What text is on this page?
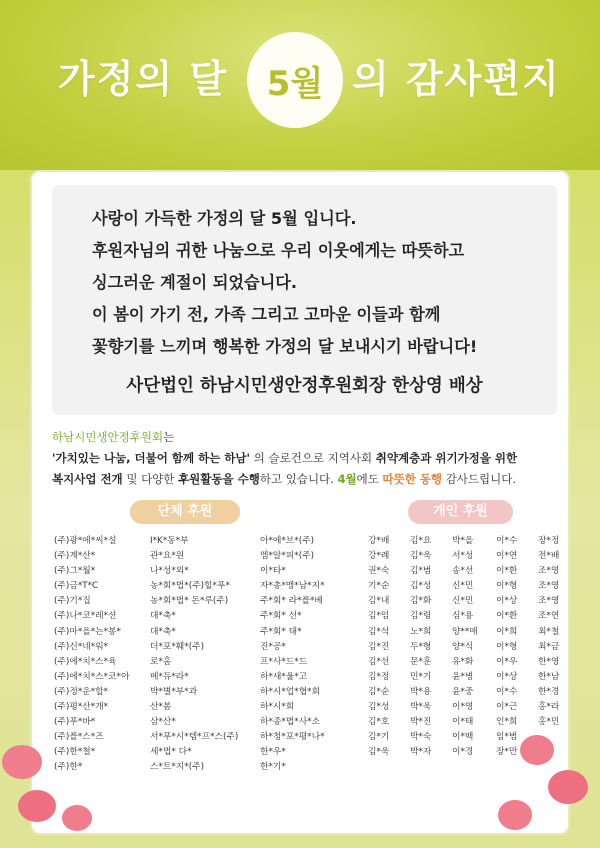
가정의 달 5월 의 감사편지
사랑이 가득한 가정의 달 5월 입니다.
후원자님의 귀한 나눔으로 우리 이웃에게는 따뜻하고
싱그러운 계절이 되었습니다.
이 봄이 가기 전, 가족 그리고 고마운 이들과 함께
꽃향기를 느끼며 행복한 가정의 달 보내시기 바랍니다!
사단법인 하남시민생안정후원회장 한상영 배상
하남시민생안정후원회는
'가치있는 나눔, 더불어 함께 하는 하남' 의 슬로건으로 지역사회 취약계층과 위기가정을 위한
복지사업 전개 및 다양한 후원활동을 수행하고 있습니다. 4월에도 따뜻한 동행 감사드립니다.
단체 후원	개인 후원
(주)광*에*씨*설
(주)계*산*
(주)그*월*
(주)금*T*C
(주)기*집
(주)나*코*레*션
(주)마*을*는*봉*
(주)신*네*워*
(주)에*치*스*육
(주)에*치*스*코*아
(주)정*운*합*
(주)평*산*개*
(주)푸*바*
(주)플*스*즈
(주)한*철*
(주)한*
I*K*동*부
관*요*원
나*성*외*
농*회*법*(주)힐*푸*
농*회*법* 돈*루(주)
대*축*
대*축*
더*포*훼*(주)
로*홈
메*듀*라*
박*별*부*과
산*봄
삼*산*
서*푸*시*템*프*스(주)
세*법* 다*
스*트*지*(주)
아*에*브*(주)
엠*알*피*(주)
이*타*
자*총*맹*남*지*
주*회* 라*플*베
주*회* 선*
주*회* 태*
진*공*
프*사*드*드
하*새*울*고
하*시*업*협*회
하*시*회
하*종*법*사*소
하*청*포*평*나*
한*우*
한*기*
강*배
강*례
권*숙
기*순
김*내
김*임
김*석
김*진
김*선
김*정
김*순
김*성
김*호
김*기
김*욱
김*요
김*욱
김*범
김*성
김*화
김*령
노*희
두*형
문*훈
민*기
박*용
박*욱
박*진
박*숙
박*자
박*을
서*성
송*선
신*민
신*민
심*용
양**매
양*식
유*화
윤*병
윤*중
이*영
이*태
이*백
이*경
이*수
이*연
이*환
이*형
이*상
이*환
이*희
이*형
이*우
이*상
이*수
이*근
인*희
임*범
장*만
장*정
전*배
조*영
조*영
조*영
조*연
최*철
최*금
한*영
한*남
한*경
홍*라
홍*민
